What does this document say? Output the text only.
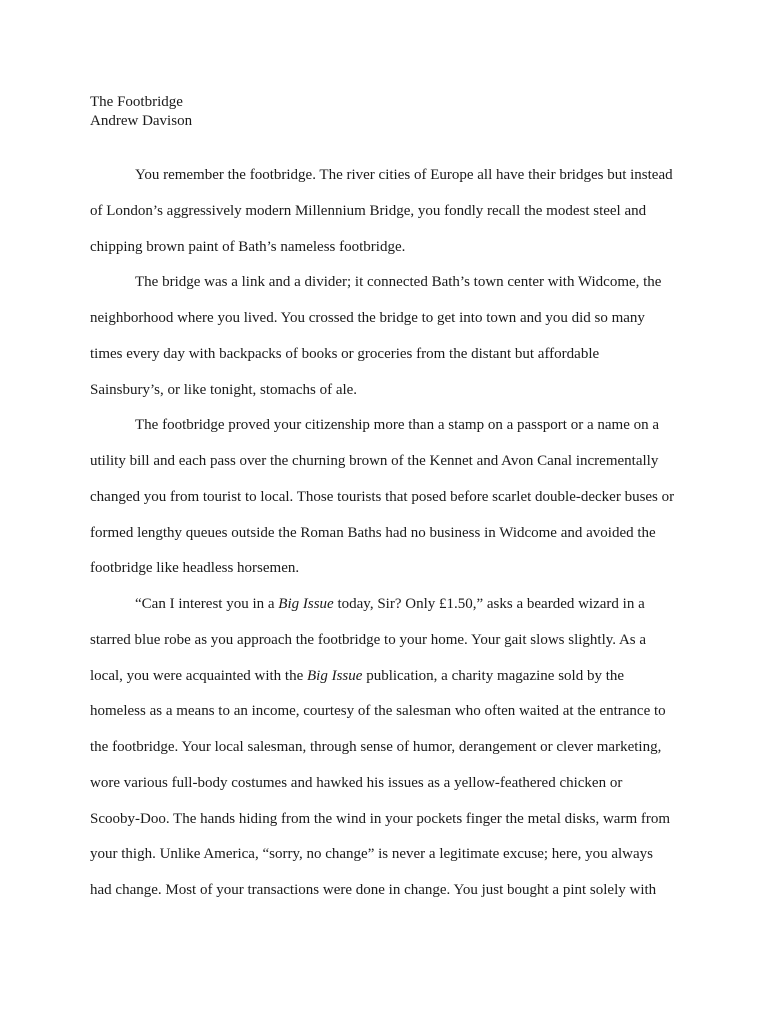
The Footbridge
Andrew Davison
You remember the footbridge. The river cities of Europe all have their bridges but instead
of London’s aggressively modern Millennium Bridge, you fondly recall the modest steel and
chipping brown paint of Bath’s nameless footbridge.
The bridge was a link and a divider; it connected Bath’s town center with Widcome, the
neighborhood where you lived. You crossed the bridge to get into town and you did so many
times every day with backpacks of books or groceries from the distant but affordable
Sainsbury’s, or like tonight, stomachs of ale.
The footbridge proved your citizenship more than a stamp on a passport or a name on a
utility bill and each pass over the churning brown of the Kennet and Avon Canal incrementally
changed you from tourist to local. Those tourists that posed before scarlet double-decker buses or
formed lengthy queues outside the Roman Baths had no business in Widcome and avoided the
footbridge like headless horsemen.
“Can I interest you in a Big Issue today, Sir? Only £1.50,” asks a bearded wizard in a
starred blue robe as you approach the footbridge to your home. Your gait slows slightly. As a
local, you were acquainted with the Big Issue publication, a charity magazine sold by the
homeless as a means to an income, courtesy of the salesman who often waited at the entrance to
the footbridge. Your local salesman, through sense of humor, derangement or clever marketing,
wore various full-body costumes and hawked his issues as a yellow-feathered chicken or
Scooby-Doo. The hands hiding from the wind in your pockets finger the metal disks, warm from
your thigh. Unlike America, “sorry, no change” is never a legitimate excuse; here, you always
had change. Most of your transactions were done in change. You just bought a pint solely with
